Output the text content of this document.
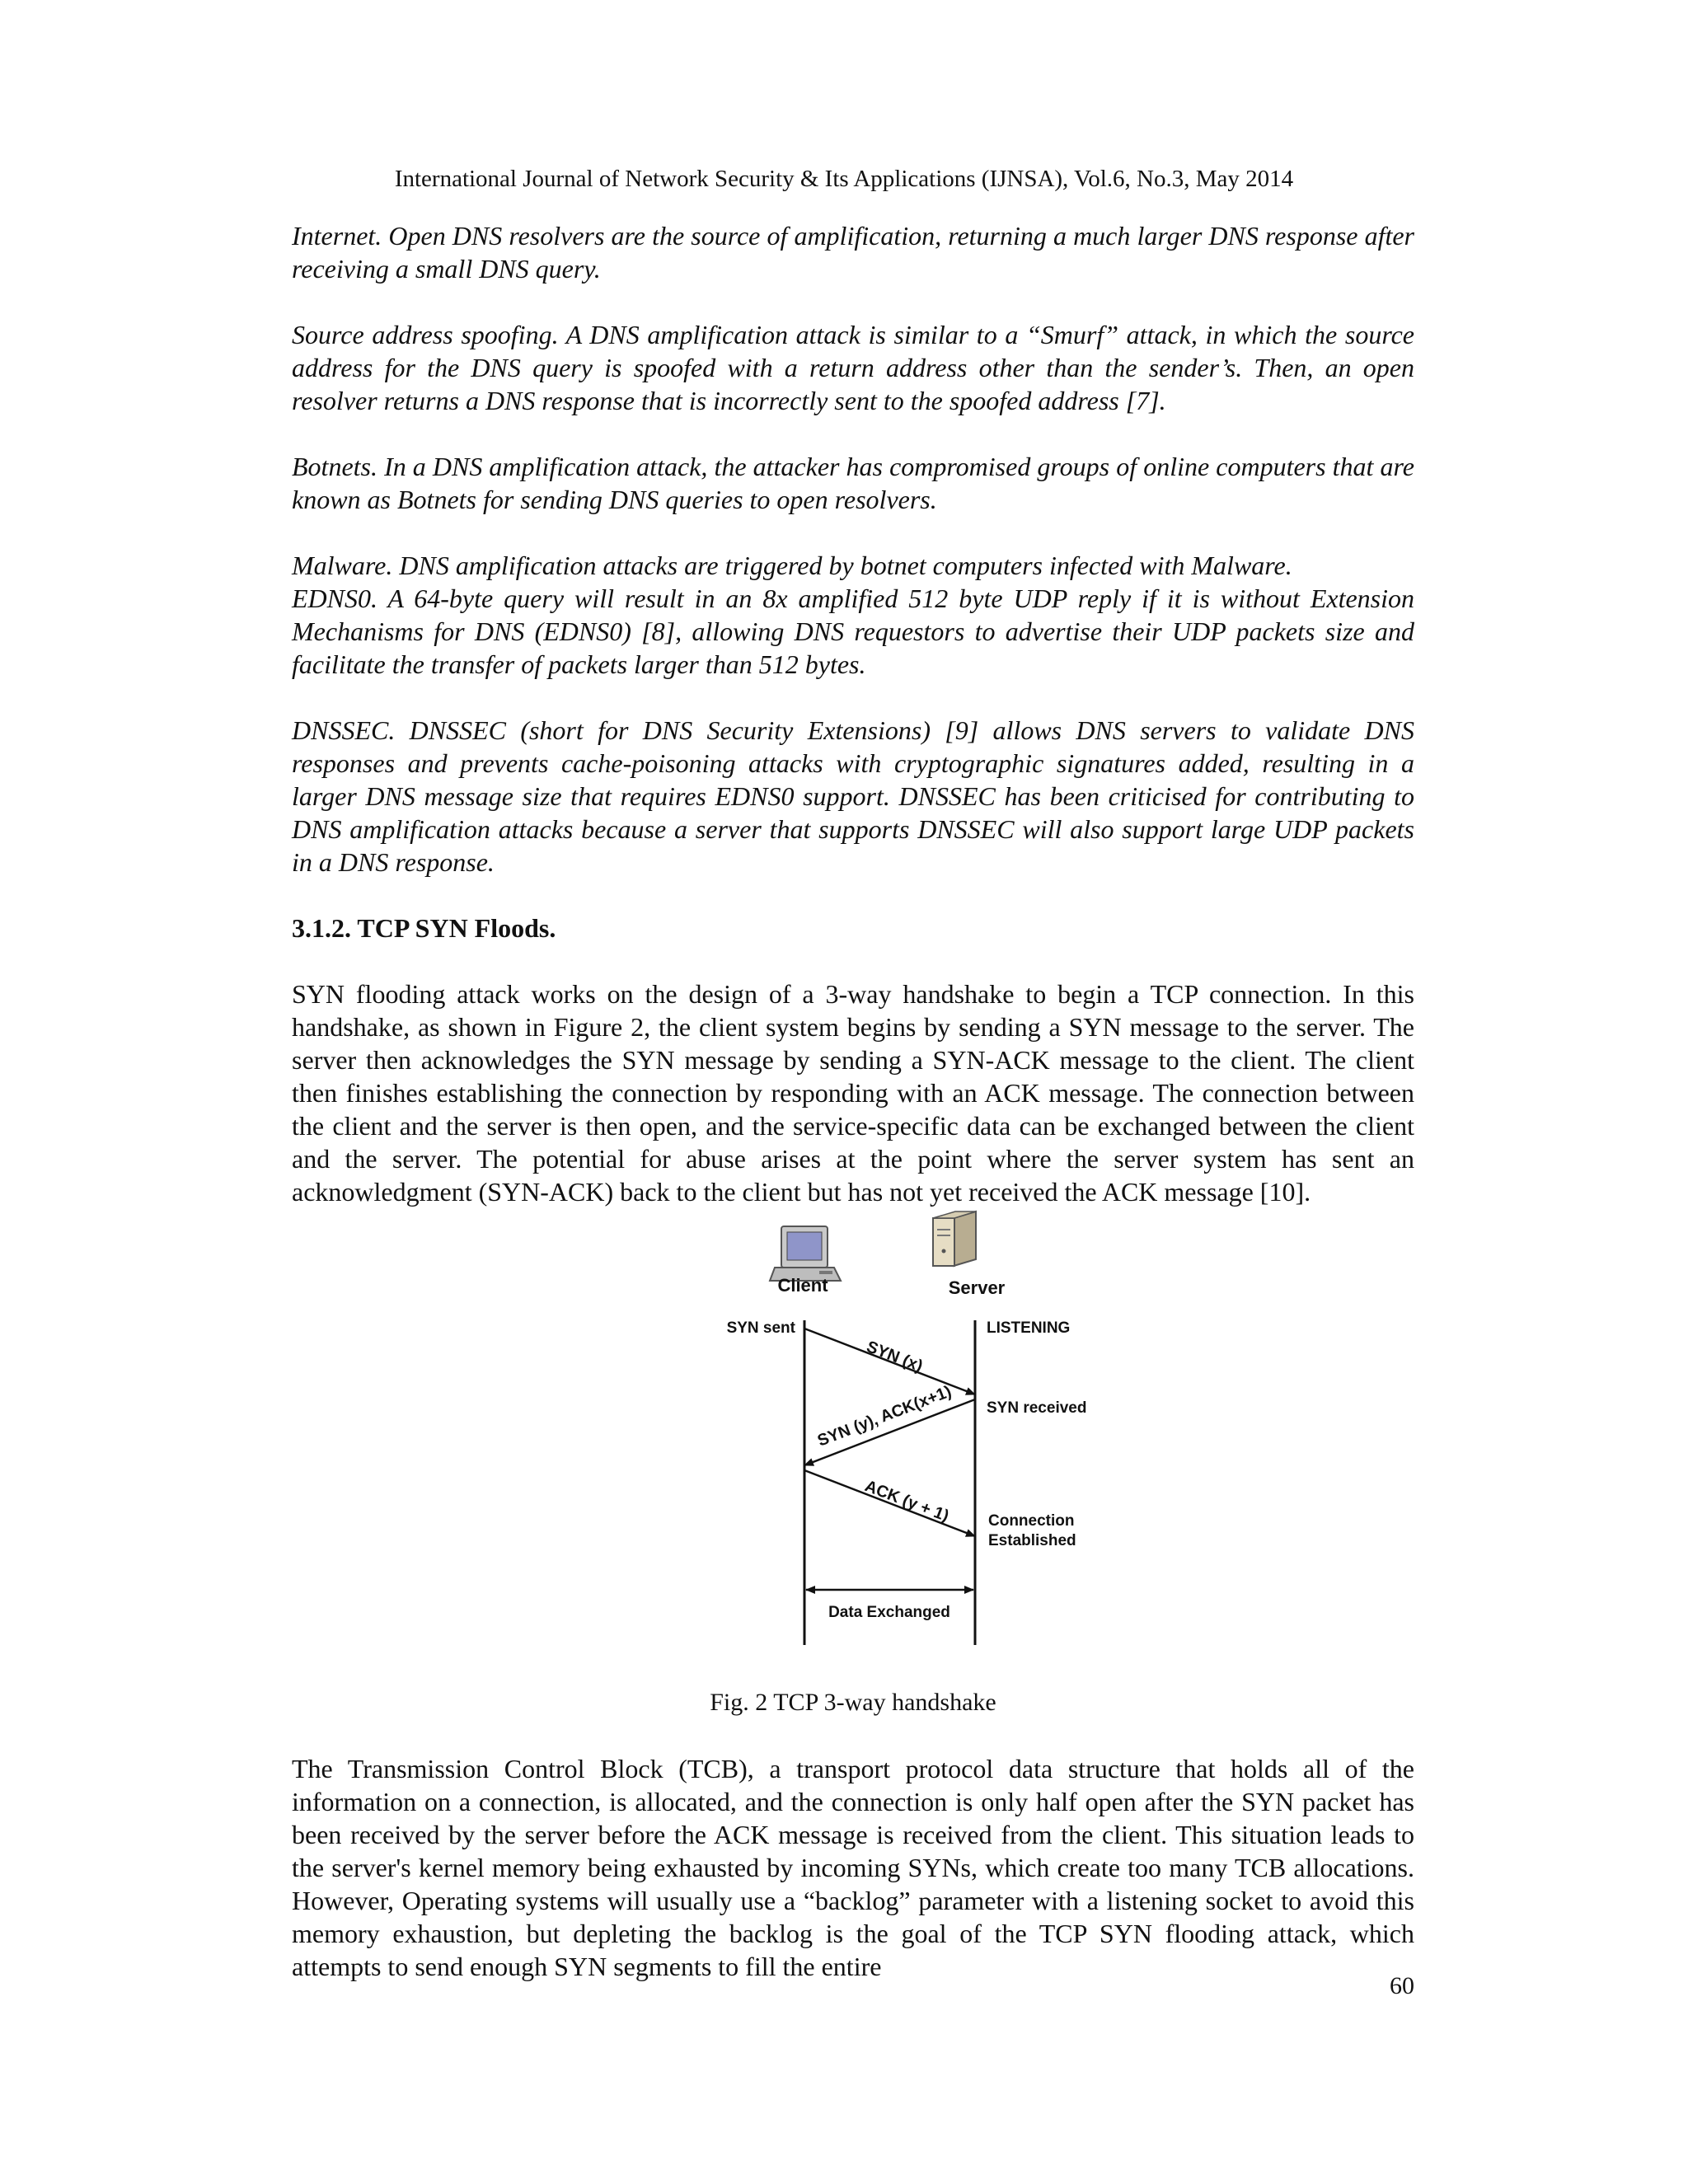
International Journal of Network Security & Its Applications (IJNSA), Vol.6, No.3, May 2014

Internet. Open DNS resolvers are the source of amplification, returning a much larger DNS response after receiving a small DNS query.

Source address spoofing. A DNS amplification attack is similar to a “Smurf” attack, in which the source address for the DNS query is spoofed with a return address other than the sender’s. Then, an open resolver returns a DNS response that is incorrectly sent to the spoofed address [7].

Botnets. In a DNS amplification attack, the attacker has compromised groups of online computers that are known as Botnets for sending DNS queries to open resolvers.

Malware. DNS amplification attacks are triggered by botnet computers infected with Malware.

EDNS0. A 64-byte query will result in an 8x amplified 512 byte UDP reply if it is without Extension Mechanisms for DNS (EDNS0) [8], allowing DNS requestors to advertise their UDP packets size and facilitate the transfer of packets larger than 512 bytes.

DNSSEC. DNSSEC (short for DNS Security Extensions) [9] allows DNS servers to validate DNS responses and prevents cache-poisoning attacks with cryptographic signatures added, resulting in a larger DNS message size that requires EDNS0 support. DNSSEC has been criticised for contributing to DNS amplification attacks because a server that supports DNSSEC will also support large UDP packets in a DNS response.

3.1.2. TCP SYN Floods.

SYN flooding attack works on the design of a 3-way handshake to begin a TCP connection. In this handshake, as shown in Figure 2, the client system begins by sending a SYN message to the server. The server then acknowledges the SYN message by sending a SYN-ACK message to the client. The client then finishes establishing the connection by responding with an ACK message. The connection between the client and the server is then open, and the service-specific data can be exchanged between the client and the server. The potential for abuse arises at the point where the server system has sent an acknowledgment (SYN-ACK) back to the client but has not yet received the ACK message [10].

Client	Server
SYN sent	LISTENING
SYN received
Connection
Established
SYN (x)
SYN (y), ACK(x+1)
ACK (y + 1)
Data Exchanged

Fig. 2 TCP 3-way handshake

The Transmission Control Block (TCB), a transport protocol data structure that holds all of the information on a connection, is allocated, and the connection is only half open after the SYN packet has been received by the server before the ACK message is received from the client. This situation leads to the server's kernel memory being exhausted by incoming SYNs, which create too many TCB allocations. However, Operating systems will usually use a “backlog” parameter with a listening socket to avoid this memory exhaustion, but depleting the backlog is the goal of the TCP SYN flooding attack, which attempts to send enough SYN segments to fill the entire

60
